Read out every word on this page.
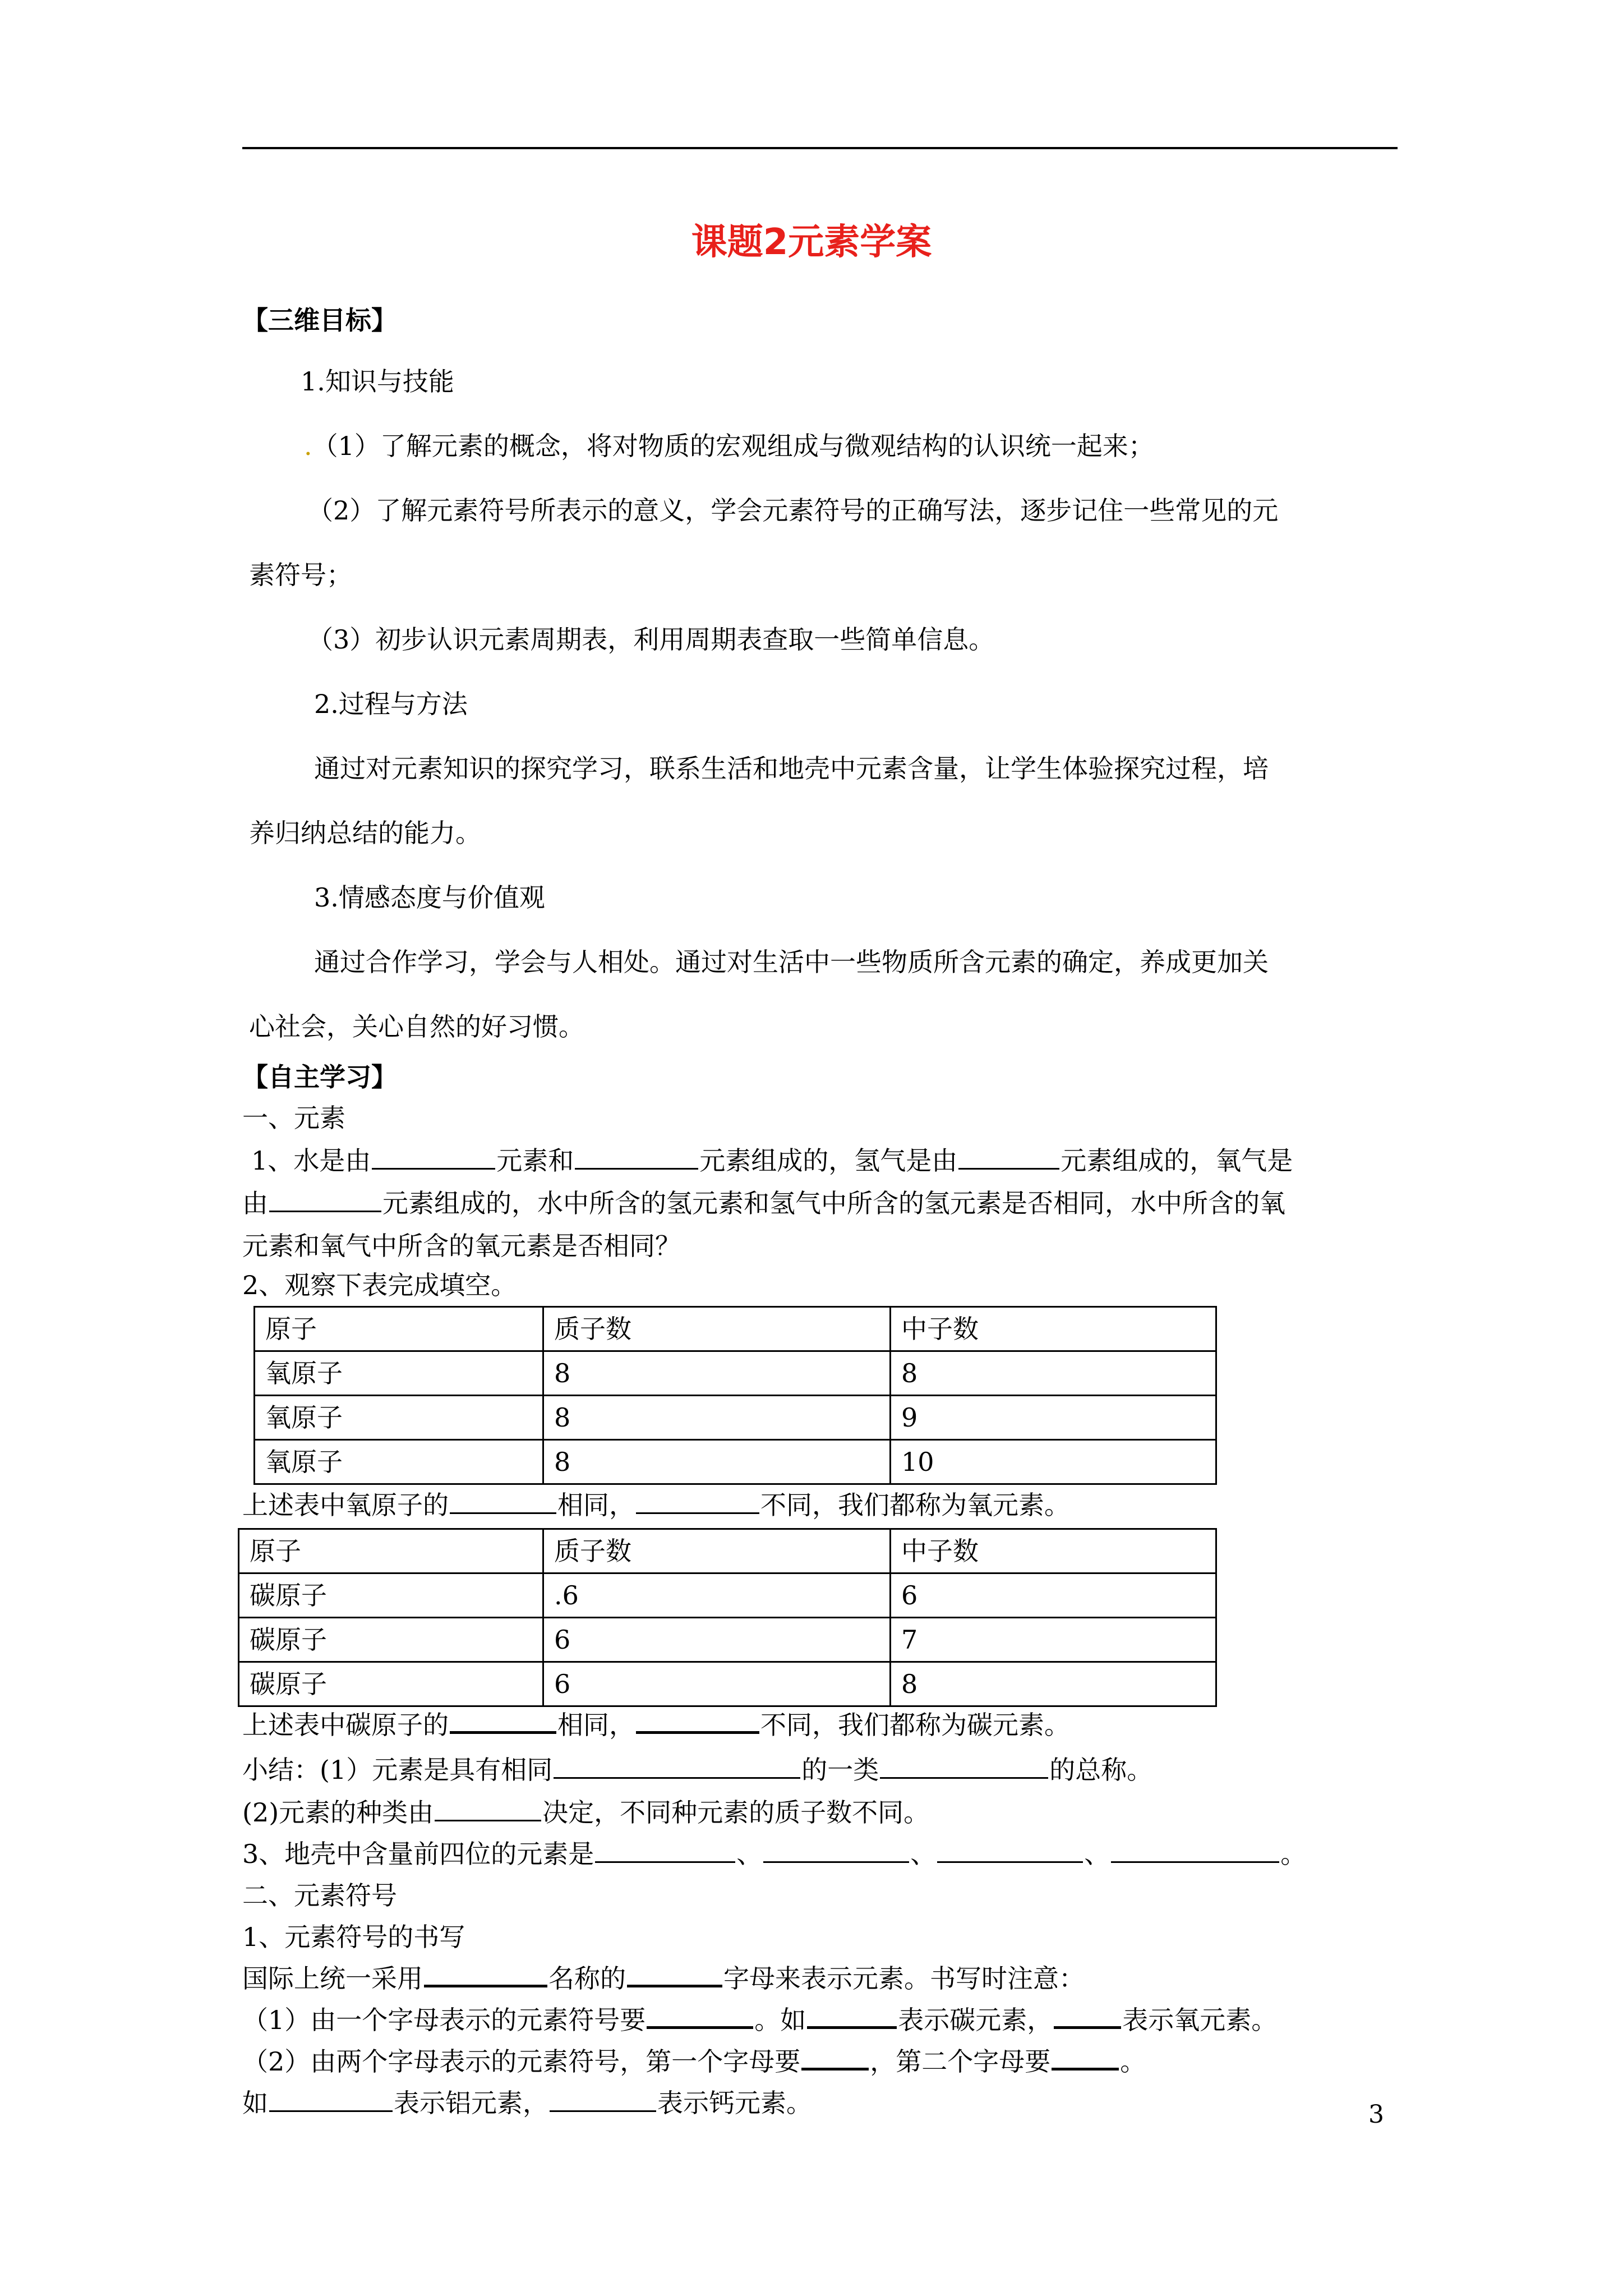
课题2元素学案
【三维目标】
1.知识与技能
.（1）了解元素的概念，将对物质的宏观组成与微观结构的认识统一起来；
（2）了解元素符号所表示的意义，学会元素符号的正确写法，逐步记住一些常见的元
素符号；
（3）初步认识元素周期表，利用周期表查取一些简单信息。
2.过程与方法
通过对元素知识的探究学习，联系生活和地壳中元素含量，让学生体验探究过程，培
养归纳总结的能力。
3.情感态度与价值观
通过合作学习，学会与人相处。通过对生活中一些物质所含元素的确定，养成更加关
心社会，关心自然的好习惯。
【自主学习】
一、元素
1、水是由	元素和	元素组成的，氢气是由	元素组成的，氧气是
由	元素组成的，水中所含的氢元素和氢气中所含的氢元素是否相同，水中所含的氧
元素和氧气中所含的氧元素是否相同？
2、观察下表完成填空。
原子	质子数	中子数
氧原子	8	8
氧原子	8	9
氧原子	8	10
上述表中氧原子的	相同，	不同，我们都称为氧元素。
原子	质子数	中子数
碳原子	.6	6
碳原子	6	7
碳原子	6	8
上述表中碳原子的	相同，	不同，我们都称为碳元素。
小结：(1）元素是具有相同	的一类	的总称。
(2)元素的种类由	决定，不同种元素的质子数不同。
3、地壳中含量前四位的元素是	、	、	、	。
二、元素符号
1、元素符号的书写
国际上统一采用	名称的	字母来表示元素。书写时注意：
（1）由一个字母表示的元素符号要	。如	表示碳元素，	表示氧元素。
（2）由两个字母表示的元素符号，第一个字母要	，第二个字母要	。
如	表示铝元素，	表示钙元素。	3
